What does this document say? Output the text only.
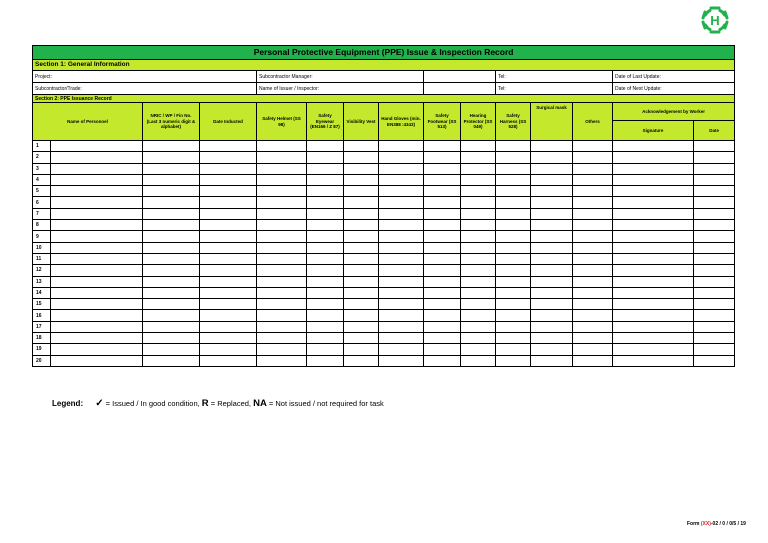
H
Personal Protective Equipment (PPE) Issue & Inspection Record														
Section 1: General Information														
Project:				Subcontractor Manager:						Tel:			Date of Last Update:	
Subcontractor/Trade:				Name of Issuer / Inspector:						Tel:			Date of Next Update:	
Section 2: PPE Issuance Record														
Name of Personnel		NRIC / WP / Fin No. (Last 3 numeric digit & alphabet)	Date Inducted	Safety Helmet (SS 98)	Safety Eyewear (EN166 / Z 87)	Visibility Vest	Hand Gloves (min. EN388 :4343)	Safety Footwear (SS 513)	Hearing Protector (SS 049)	Safety Harness (SS 528)	Surgical mask	Others	Acknowledgement by Worker	
													Signature	Date
1														
2														
3														
4														
5														
6														
7														
8														
9														
10														
11														
12														
13														
14														
15														
16														
17														
18														
19														
20														
Legend: ✓ = Issued / In good condition, R = Replaced, NA = Not issued / not required for task
Form (XX)-02 / 0 / 0/5 / 19
